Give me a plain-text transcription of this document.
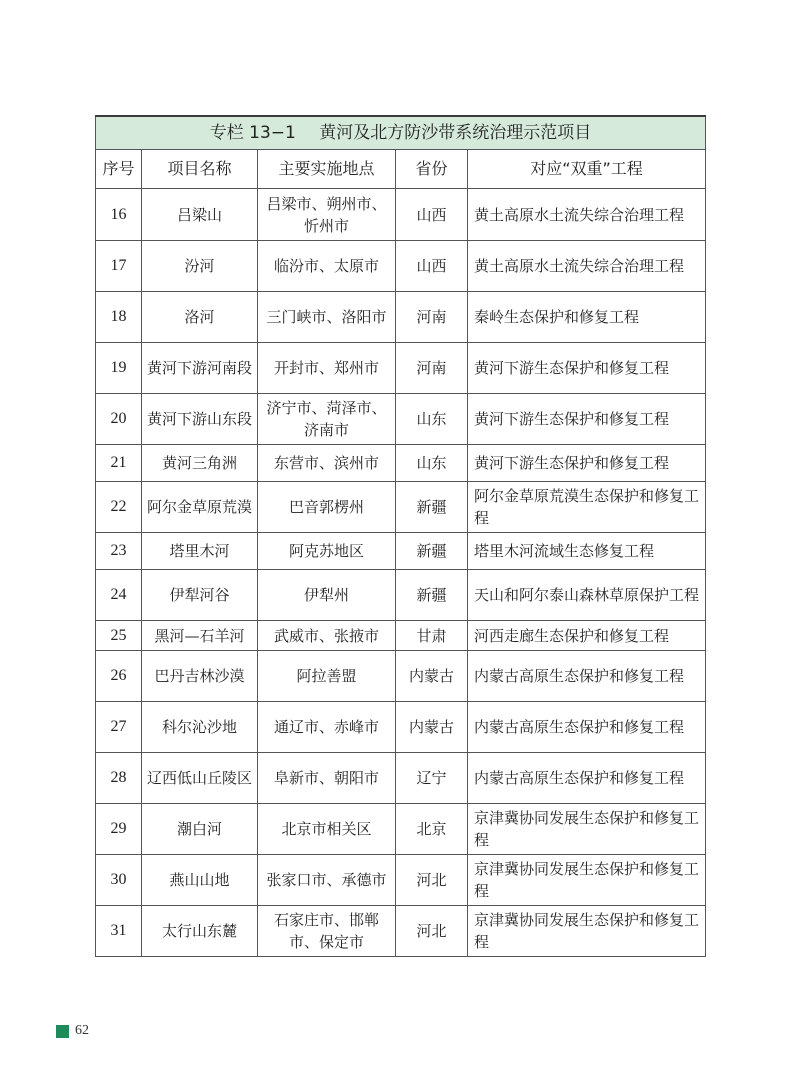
专栏 13−1 黄河及北方防沙带系统治理示范项目				
序号	项目名称	主要实施地点	省份	对应“双重”工程
16	吕梁山	吕梁市、朔州市、忻州市	山西	黄土高原水土流失综合治理工程
17	汾河	临汾市、太原市	山西	黄土高原水土流失综合治理工程
18	洛河	三门峡市、洛阳市	河南	秦岭生态保护和修复工程
19	黄河下游河南段	开封市、郑州市	河南	黄河下游生态保护和修复工程
20	黄河下游山东段	济宁市、菏泽市、济南市	山东	黄河下游生态保护和修复工程
21	黄河三角洲	东营市、滨州市	山东	黄河下游生态保护和修复工程
22	阿尔金草原荒漠	巴音郭楞州	新疆	阿尔金草原荒漠生态保护和修复工程
23	塔里木河	阿克苏地区	新疆	塔里木河流域生态修复工程
24	伊犁河谷	伊犁州	新疆	天山和阿尔泰山森林草原保护工程
25	黑河—石羊河	武威市、张掖市	甘肃	河西走廊生态保护和修复工程
26	巴丹吉林沙漠	阿拉善盟	内蒙古	内蒙古高原生态保护和修复工程
27	科尔沁沙地	通辽市、赤峰市	内蒙古	内蒙古高原生态保护和修复工程
28	辽西低山丘陵区	阜新市、朝阳市	辽宁	内蒙古高原生态保护和修复工程
29	潮白河	北京市相关区	北京	京津冀协同发展生态保护和修复工程
30	燕山山地	张家口市、承德市	河北	京津冀协同发展生态保护和修复工程
31	太行山东麓	石家庄市、邯郸市、保定市	河北	京津冀协同发展生态保护和修复工程
62
